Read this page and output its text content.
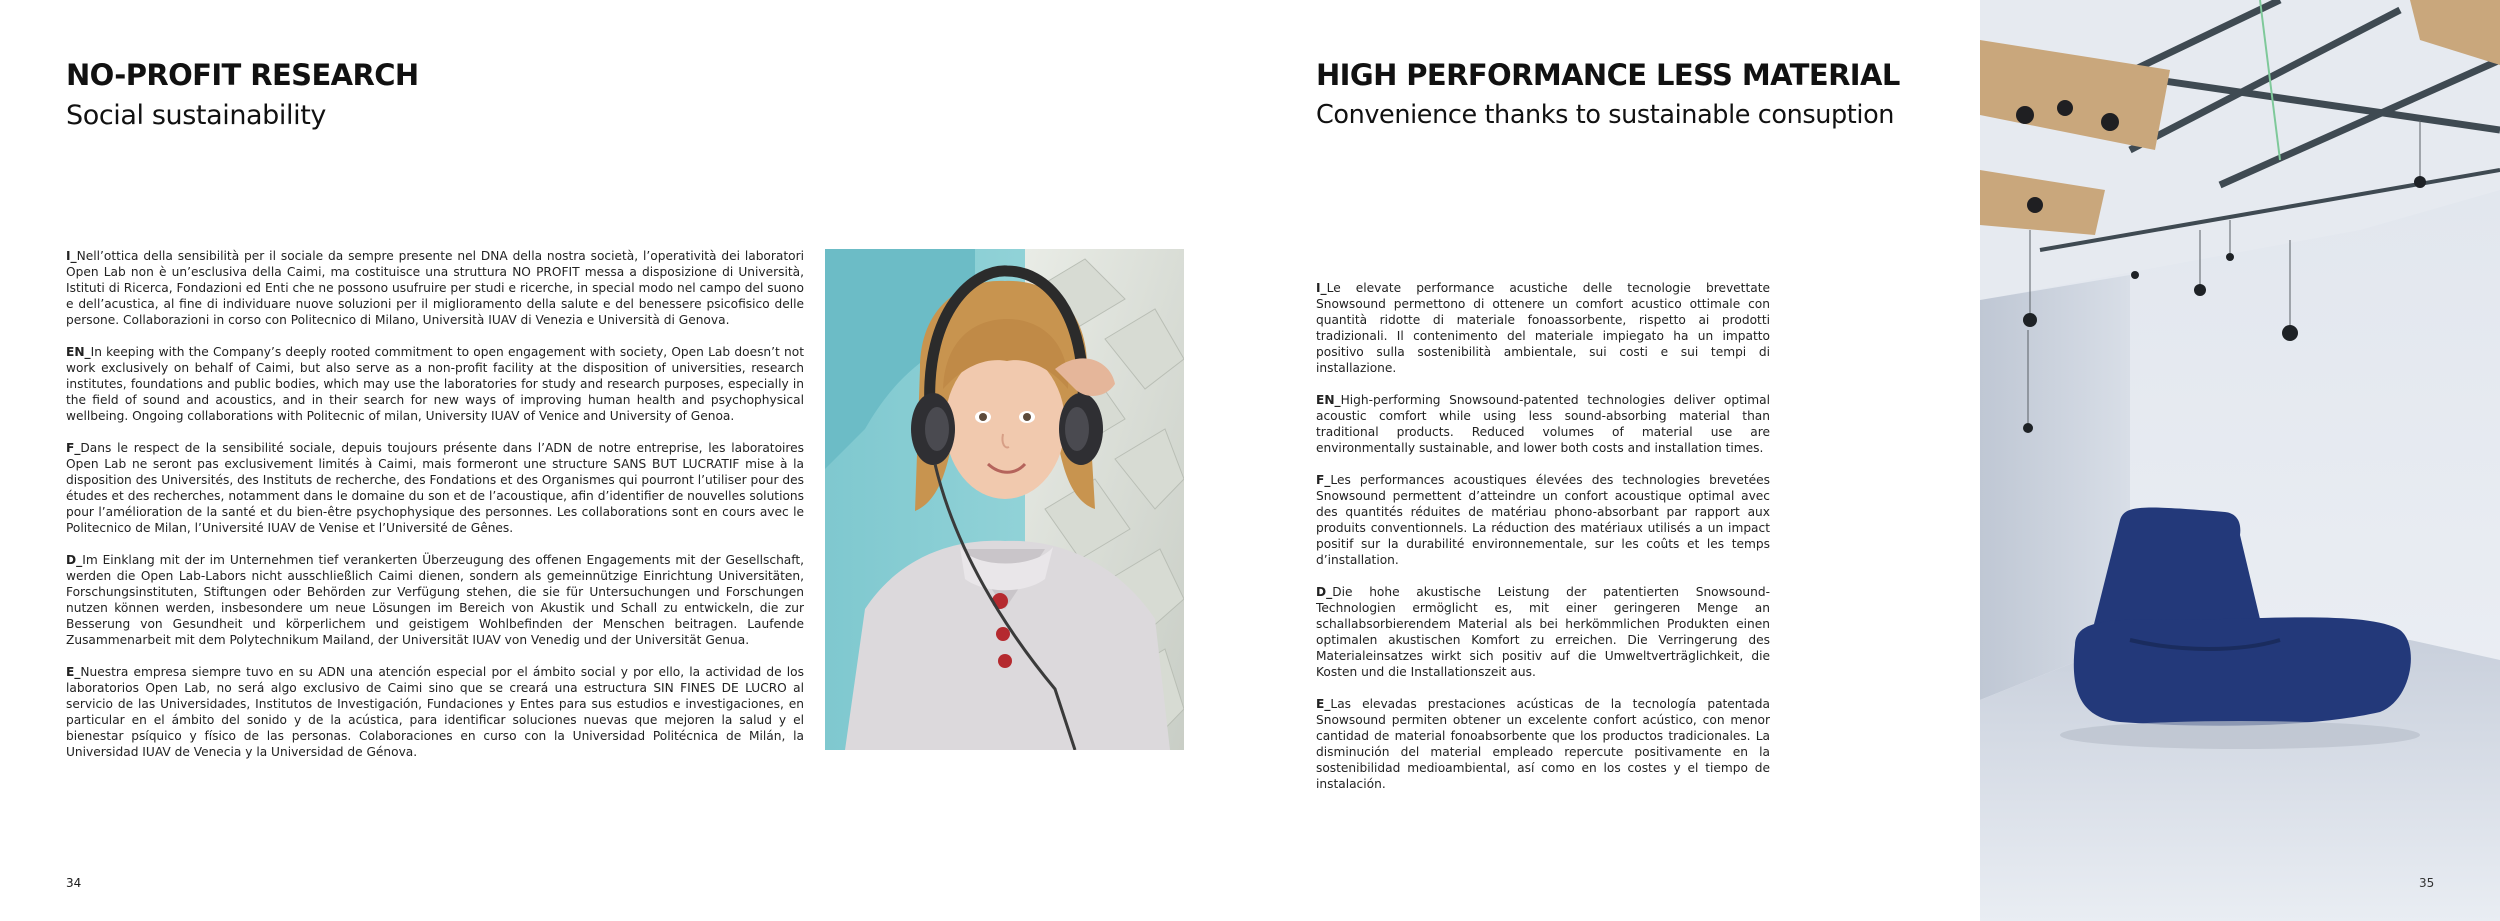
NO-PROFIT RESEARCH
Social sustainability

I_Nell’ottica della sensibilità per il sociale da sempre presente nel DNA della nostra società, l’operatività dei laboratori Open Lab non è un’esclusiva della Caimi, ma costituisce una struttura NO PROFIT messa a disposizione di Università, Istituti di Ricerca, Fondazioni ed Enti che ne possono usufruire per studi e ricerche, in special modo nel campo del suono e dell’acustica, al fine di individuare nuove soluzioni per il miglioramento della salute e del benessere psicofisico delle persone. Collaborazioni in corso con Politecnico di Milano, Università IUAV di Venezia e Università di Genova.

EN_In keeping with the Company’s deeply rooted commitment to open engagement with society, Open Lab doesn’t not work exclusively on behalf of Caimi, but also serve as a non-profit facility at the disposition of universities, research institutes, foundations and public bodies, which may use the laboratories for study and research purposes, especially in the field of sound and acoustics, and in their search for new ways of improving human health and psychophysical wellbeing. Ongoing collaborations with Politecnic of milan, University IUAV of Venice and University of Genoa.

F_Dans le respect de la sensibilité sociale, depuis toujours présente dans l’ADN de notre entreprise, les laboratoires Open Lab ne seront pas exclusivement limités à Caimi, mais formeront une structure SANS BUT LUCRATIF mise à la disposition des Universités, des Instituts de recherche, des Fondations et des Organismes qui pourront l’utiliser pour des études et des recherches, notamment dans le domaine du son et de l’acoustique, afin d’identifier de nouvelles solutions pour l’amélioration de la santé et du bien-être psychophysique des personnes. Les collaborations sont en cours avec le Politecnico de Milan, l’Université IUAV de Venise et l’Université de Gênes.

D_Im Einklang mit der im Unternehmen tief verankerten Überzeugung des offenen Engagements mit der Gesellschaft, werden die Open Lab-Labors nicht ausschließlich Caimi dienen, sondern als gemeinnützige Einrichtung Universitäten, Forschungsinstituten, Stiftungen oder Behörden zur Verfügung stehen, die sie für Untersuchungen und Forschungen nutzen können werden, insbesondere um neue Lösungen im Bereich von Akustik und Schall zu entwickeln, die zur Besserung von Gesundheit und körperlichem und geistigem Wohlbefinden der Menschen beitragen. Laufende Zusammenarbeit mit dem Polytechnikum Mailand, der Universität IUAV von Venedig und der Universität Genua.

E_Nuestra empresa siempre tuvo en su ADN una atención especial por el ámbito social y por ello, la actividad de los laboratorios Open Lab, no será algo exclusivo de Caimi sino que se creará una estructura SIN FINES DE LUCRO al servicio de las Universidades, Institutos de Investigación, Fundaciones y Entes para sus estudios e investigaciones, en particular en el ámbito del sonido y de la acústica, para identificar soluciones nuevas que mejoren la salud y el bienestar psíquico y físico de las personas. Colaboraciones en curso con la Universidad Politécnica de Milán, la Universidad IUAV de Venecia y la Universidad de Génova.

34
HIGH PERFORMANCE LESS MATERIAL
Convenience thanks to sustainable consuption

I_Le elevate performance acustiche delle tecnologie brevettate Snowsound permettono di ottenere un comfort acustico ottimale con quantità ridotte di materiale fonoassorbente, rispetto ai prodotti tradizionali. Il contenimento del materiale impiegato ha un impatto positivo sulla sostenibilità ambientale, sui costi e sui tempi di installazione.

EN_High-performing Snowsound-patented technologies deliver optimal acoustic comfort while using less sound-absorbing material than traditional products. Reduced volumes of material use are environmentally sustainable, and lower both costs and installation times.

F_Les performances acoustiques élevées des technologies brevetées Snowsound permettent d’atteindre un confort acoustique optimal avec des quantités réduites de matériau phono-absorbant par rapport aux produits conventionnels. La réduction des matériaux utilisés a un impact positif sur la durabilité environnementale, sur les coûts et les temps d’installation.

D_Die hohe akustische Leistung der patentierten Snowsound-Technologien ermöglicht es, mit einer geringeren Menge an schallabsorbierendem Material als bei herkömmlichen Produkten einen optimalen akustischen Komfort zu erreichen. Die Verringerung des Materialeinsatzes wirkt sich positiv auf die Umweltverträglichkeit, die Kosten und die Installationszeit aus.

E_Las elevadas prestaciones acústicas de la tecnología patentada Snowsound permiten obtener un excelente confort acústico, con menor cantidad de material fonoabsorbente que los productos tradicionales. La disminución del material empleado repercute positivamente en la sostenibilidad medioambiental, así como en los costes y el tiempo de instalación.

35
